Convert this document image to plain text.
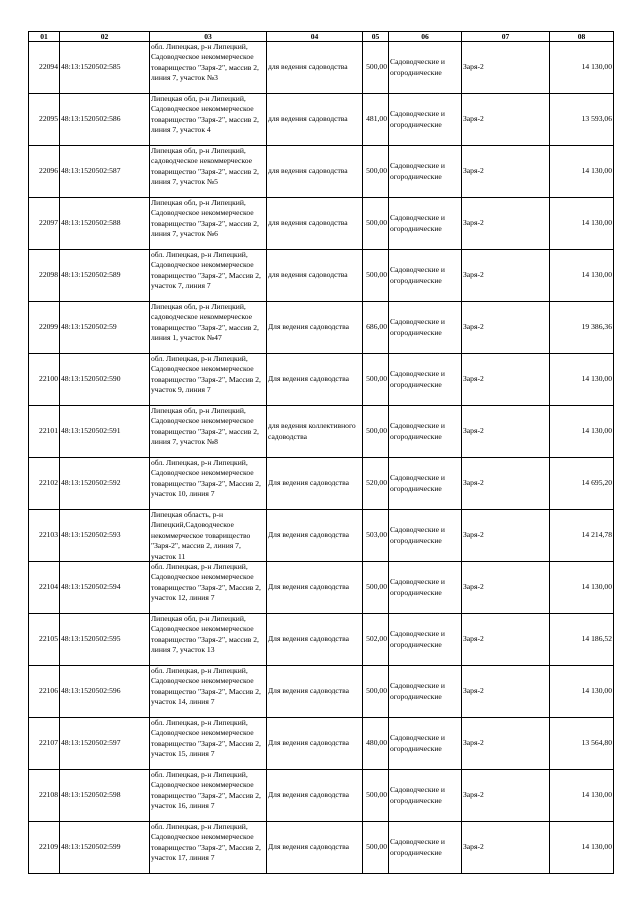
01	02	03	04	05	06	07	08
22094	48:13:1520502:585	обл. Липецкая, р-н Липецкий, Садоводческое некоммерческое товарищество "Заря-2", массив 2, линия 7, участок №3	для ведения садоводства	500,00	Садоводческие и огороднические	Заря-2	14 130,00
22095	48:13:1520502:586	Липецкая обл, р-н Липецкий, Садоводческое некоммерческое товарищество "Заря-2", массив 2, линия 7, участок 4	для ведения садоводства	481,00	Садоводческие и огороднические	Заря-2	13 593,06
22096	48:13:1520502:587	Липецкая обл, р-н Липецкий, садоводческое некоммерческое товарищество "Заря-2", массив 2, линия 7, участок №5	для ведения садоводства	500,00	Садоводческие и огороднические	Заря-2	14 130,00
22097	48:13:1520502:588	Липецкая обл, р-н Липецкий, Садоводческое некоммерческое товарищество "Заря-2", массив 2, линия 7, участок №6	для ведения садоводства	500,00	Садоводческие и огороднические	Заря-2	14 130,00
22098	48:13:1520502:589	обл. Липецкая, р-н Липецкий, Садоводческое некоммерческое товарищество "Заря-2", Массив 2, участок 7, линия 7	для ведения садоводства	500,00	Садоводческие и огороднические	Заря-2	14 130,00
22099	48:13:1520502:59	Липецкая обл, р-н Липецкий, садоводческое некоммерческое товарищество "Заря-2", массив 2, линия 1, участок №47	Для ведения садоводства	686,00	Садоводческие и огороднические	Заря-2	19 386,36
22100	48:13:1520502:590	обл. Липецкая, р-н Липецкий, Садоводческое некоммерческое товарищество "Заря-2", Массив 2, участок 9, линия 7	Для ведения садоводства	500,00	Садоводческие и огороднические	Заря-2	14 130,00
22101	48:13:1520502:591	Липецкая обл, р-н Липецкий, Садоводческое некоммерческое товарищество "Заря-2", массив 2, линия 7, участок №8	для ведения коллективного садоводства	500,00	Садоводческие и огороднические	Заря-2	14 130,00
22102	48:13:1520502:592	обл. Липецкая, р-н Липецкий, Садоводческое некоммерческое товарищество "Заря-2", Массив 2, участок 10, линия 7	Для ведения садоводства	520,00	Садоводческие и огороднические	Заря-2	14 695,20
22103	48:13:1520502:593	Липецкая область, р-н Липецкий,Садоводческое некоммерческое товарищество "Заря-2", массив 2, линия 7, участок 11	Для ведения садоводства	503,00	Садоводческие и огороднические	Заря-2	14 214,78
22104	48:13:1520502:594	обл. Липецкая, р-н Липецкий, Садоводческое некоммерческое товарищество "Заря-2", Массив 2, участок 12, линия 7	Для ведения садоводства	500,00	Садоводческие и огороднические	Заря-2	14 130,00
22105	48:13:1520502:595	Липецкая обл, р-н Липецкий, Садоводческое некоммерческое товарищество "Заря-2", массив 2, линия 7, участок 13	Для ведения садоводства	502,00	Садоводческие и огороднические	Заря-2	14 186,52
22106	48:13:1520502:596	обл. Липецкая, р-н Липецкий, Садоводческое некоммерческое товарищество "Заря-2", Массив 2, участок 14, линия 7	Для ведения садоводства	500,00	Садоводческие и огороднические	Заря-2	14 130,00
22107	48:13:1520502:597	обл. Липецкая, р-н Липецкий, Садоводческое некоммерческое товарищество "Заря-2", Массив 2, участок 15, линия 7	Для ведения садоводства	480,00	Садоводческие и огороднические	Заря-2	13 564,80
22108	48:13:1520502:598	обл. Липецкая, р-н Липецкий, Садоводческое некоммерческое товарищество "Заря-2", Массив 2, участок 16, линия 7	Для ведения садоводства	500,00	Садоводческие и огороднические	Заря-2	14 130,00
22109	48:13:1520502:599	обл. Липецкая, р-н Липецкий, Садоводческое некоммерческое товарищество "Заря-2", Массив 2, участок 17, линия 7	Для ведения садоводства	500,00	Садоводческие и огороднические	Заря-2	14 130,00
